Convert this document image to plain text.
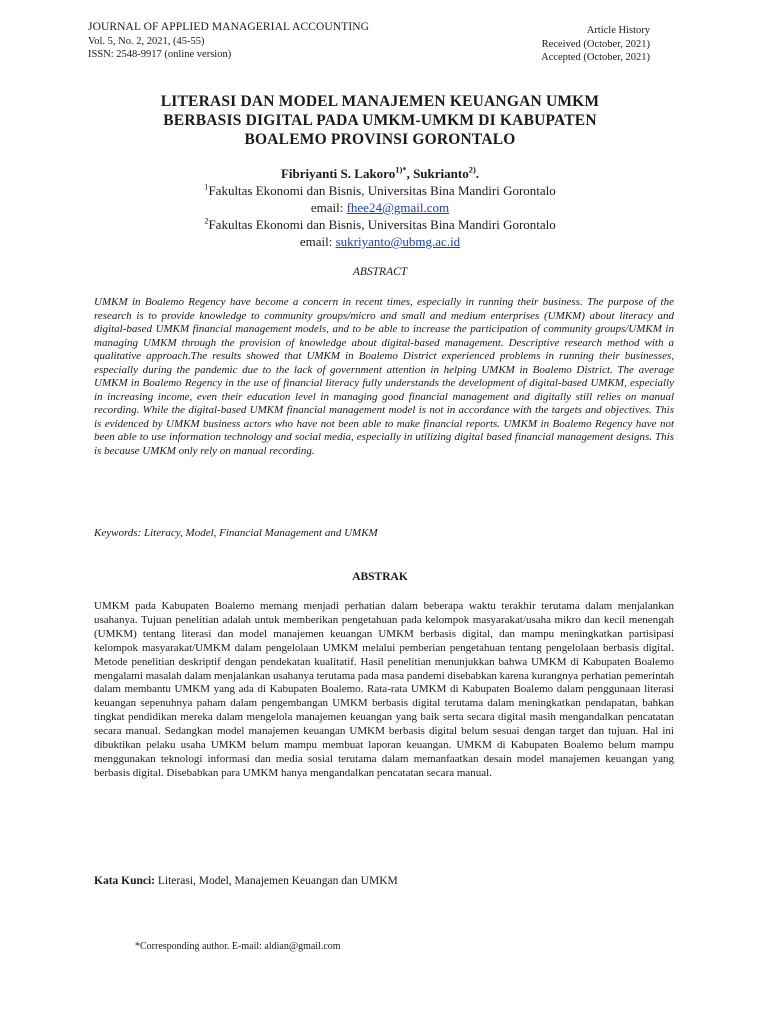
JOURNAL OF APPLIED MANAGERIAL ACCOUNTING
Vol. 5, No. 2, 2021, (45-55)
ISSN: 2548-9917 (online version)
Article History
Received (October, 2021)
Accepted (October, 2021)
LITERASI DAN MODEL MANAJEMEN KEUANGAN UMKM
BERBASIS DIGITAL PADA UMKM-UMKM DI KABUPATEN
BOALEMO PROVINSI GORONTALO
Fibriyanti S. Lakoro$^{1)*}$, Sukrianto$^{2)}$.
$^1$Fakultas Ekonomi dan Bisnis, Universitas Bina Mandiri Gorontalo
email: fhee24@gmail.com
$^2$Fakultas Ekonomi dan Bisnis, Universitas Bina Mandiri Gorontalo
email: sukriyanto@ubmg.ac.id
ABSTRACT
UMKM in Boalemo Regency have become a concern in recent times, especially in running their business. The purpose of the research is to provide knowledge to community groups/micro and small and medium enterprises (UMKM) about literacy and digital-based UMKM financial management models, and to be able to increase the participation of community groups/UMKM in managing UMKM through the provision of knowledge about digital-based management. Descriptive research method with a qualitative approach.The results showed that UMKM in Boalemo District experienced problems in running their businesses, especially during the pandemic due to the lack of government attention in helping UMKM in Boalemo District. The average UMKM in Boalemo Regency in the use of financial literacy fully understands the development of digital-based UMKM, especially in increasing income, even their education level in managing good financial management and digitally still relies on manual recording. While the digital-based UMKM financial management model is not in accordance with the targets and objectives. This is evidenced by UMKM business actors who have not been able to make financial reports. UMKM in Boalemo Regency have not been able to use information technology and social media, especially in utilizing digital based financial management designs. This is because UMKM only rely on manual recording.
Keywords: Literacy, Model, Financial Management and UMKM
ABSTRAK
UMKM pada Kabupaten Boalemo memang menjadi perhatian dalam beberapa waktu terakhir terutama dalam menjalankan usahanya. Tujuan penelitian adalah untuk memberikan pengetahuan pada kelompok masyarakat/usaha mikro dan kecil menengah (UMKM) tentang literasi dan model manajemen keuangan UMKM berbasis digital, dan mampu meningkatkan partisipasi kelompok masyarakat/UMKM dalam pengelolaan UMKM melalui pemberian pengetahuan tentang pengelolaan berbasis digital. Metode penelitian deskriptif dengan pendekatan kualitatif. Hasil penelitian menunjukkan bahwa UMKM di Kabupaten Boalemo mengalami masalah dalam menjalankan usahanya terutama pada masa pandemi disebabkan karena kurangnya perhatian pemerintah dalam membantu UMKM yang ada di Kabupaten Boalemo. Rata-rata UMKM di Kabupaten Boalemo dalam penggunaan literasi keuangan sepenuhnya paham dalam pengembangan UMKM berbasis digital terutama dalam meningkatkan pendapatan, bahkan tingkat pendidikan mereka dalam mengelola manajemen keuangan yang baik serta secara digital masih mengandalkan pencatatan secara manual. Sedangkan model manajemen keuangan UMKM berbasis digital belum sesuai dengan target dan tujuan. Hal ini dibuktikan pelaku usaha UMKM belum mampu membuat laporan keuangan. UMKM di Kabupaten Boalemo belum mampu menggunakan teknologi informasi dan media sosial terutama dalam memanfaatkan desain model manajemen keuangan yang berbasis digital. Disebabkan para UMKM hanya mengandalkan pencatatan secara manual.
Kata Kunci: Literasi, Model, Manajemen Keuangan dan UMKM
*Corresponding author. E-mail: aldian@gmail.com
